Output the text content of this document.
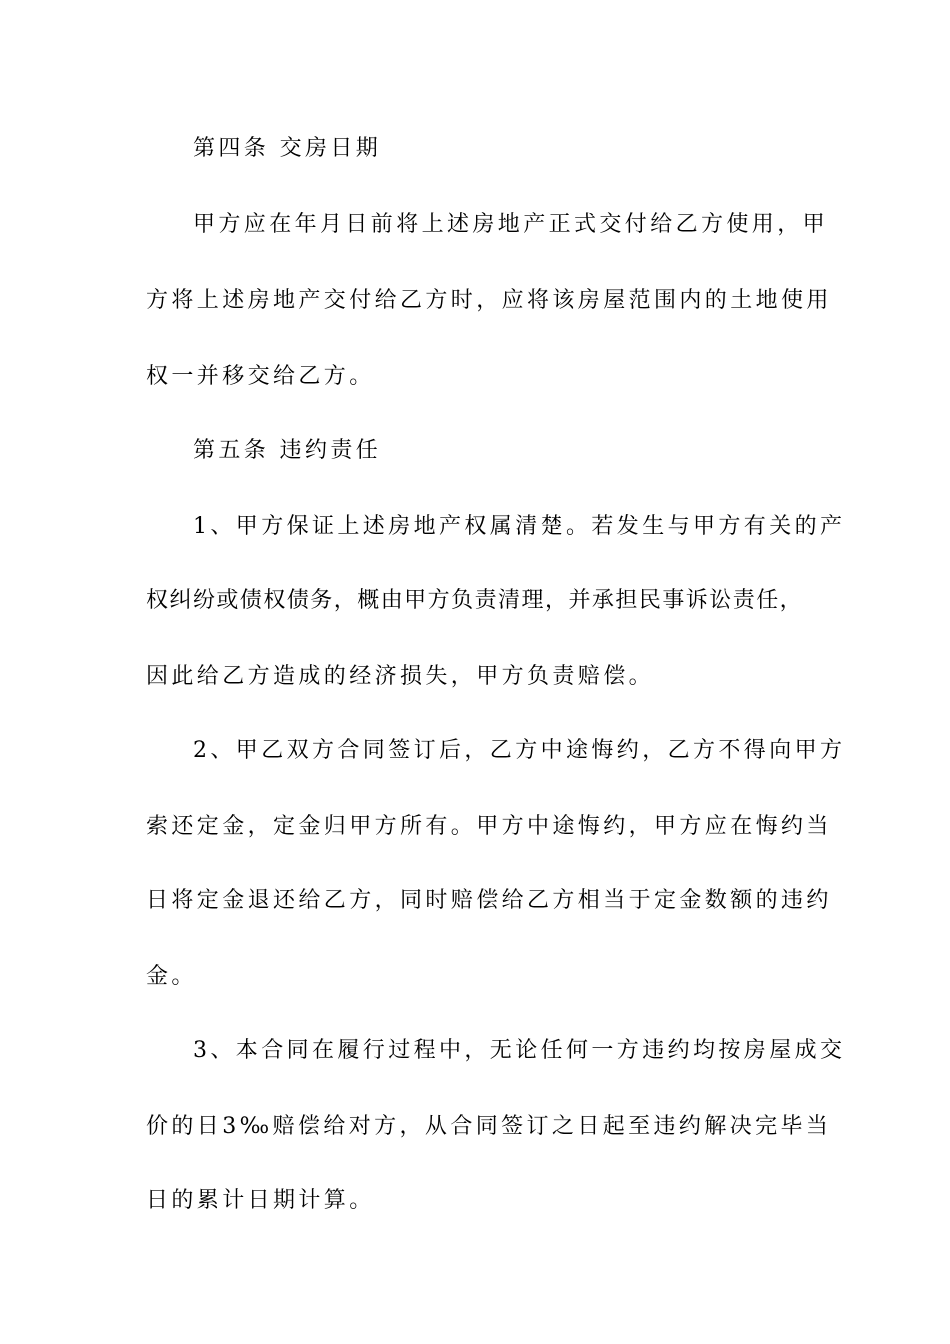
第四条 交房日期
甲方应在年月日前将上述房地产正式交付给乙方使用，甲
方将上述房地产交付给乙方时，应将该房屋范围内的土地使用
权一并移交给乙方。
第五条 违约责任
1、甲方保证上述房地产权属清楚。若发生与甲方有关的产
权 纠 纷 或 债 权 债 务 ， 概 由 甲 方 负 责 清 理 ， 并 承 担 民 事 诉 讼 责 任 ，
因此给乙方造成的经济损失，甲方负责赔偿。
2、甲乙双方合同签订后，乙方中途悔约，乙方不得向甲方
索还定金，定金归甲方所有。甲方中途悔约，甲方应在悔约当
日将定金退还给乙方，同时赔偿给乙方相当于定金数额的违约
金。
3、本合同在履行过程中，无论任何一方违约均按房屋成交
价的日3‰赔偿给对方，从合同签订之日起至违约解决完毕当
日的累计日期计算。
